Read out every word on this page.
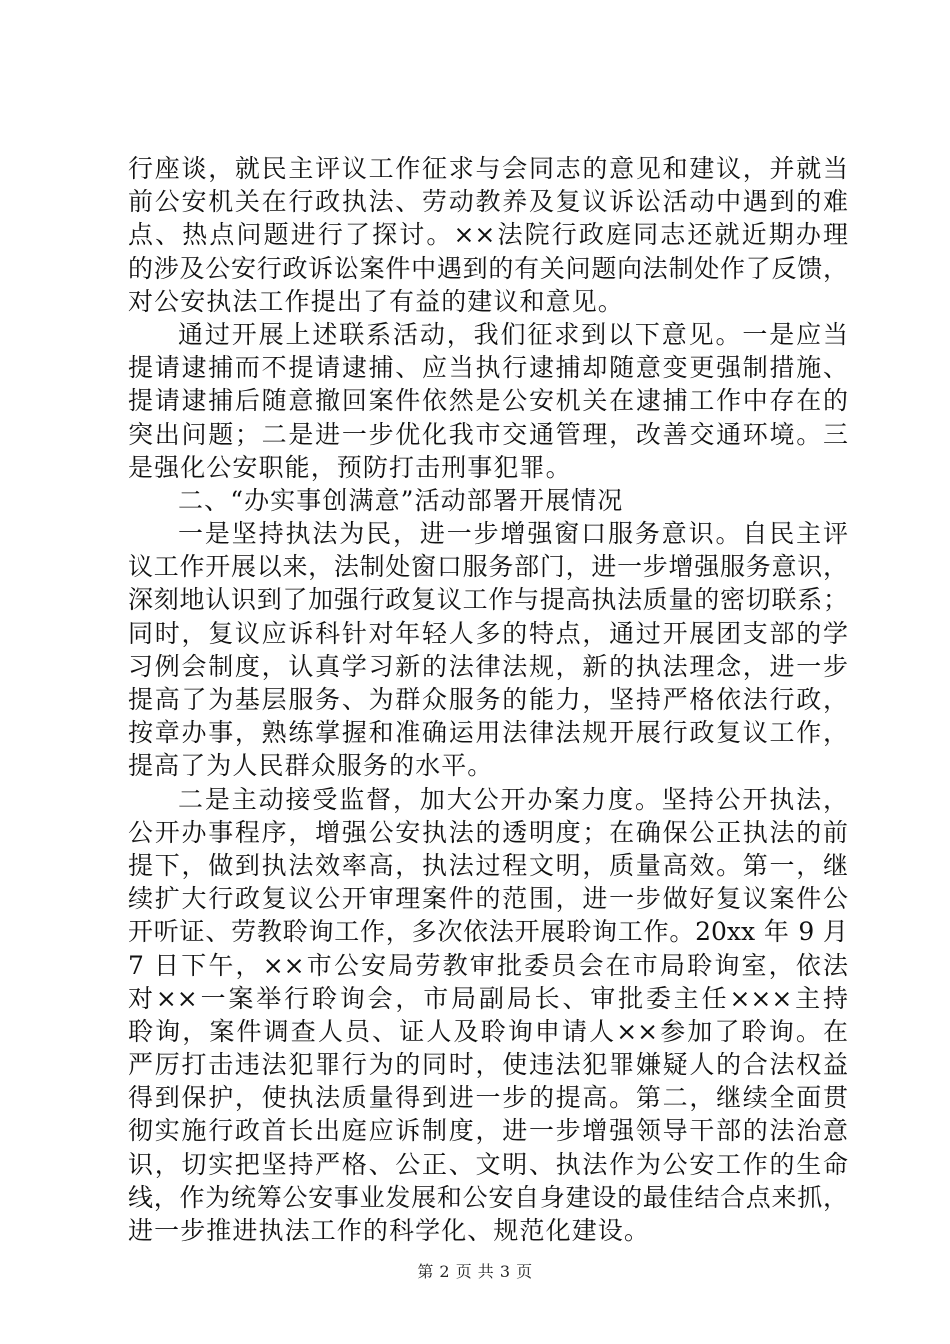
行座谈，就民主评议工作征求与会同志的意见和建议，并就当
前公安机关在行政执法、劳动教养及复议诉讼活动中遇到的难
点、热点问题进行了探讨。××法院行政庭同志还就近期办理
的涉及公安行政诉讼案件中遇到的有关问题向法制处作了反馈，
对公安执法工作提出了有益的建议和意见。
通过开展上述联系活动，我们征求到以下意见。一是应当
提请逮捕而不提请逮捕、应当执行逮捕却随意变更强制措施、
提请逮捕后随意撤回案件依然是公安机关在逮捕工作中存在的
突出问题；二是进一步优化我市交通管理，改善交通环境。三
是强化公安职能，预防打击刑事犯罪。
二、“办实事创满意”活动部署开展情况
一是坚持执法为民，进一步增强窗口服务意识。自民主评
议工作开展以来，法制处窗口服务部门，进一步增强服务意识，
深刻地认识到了加强行政复议工作与提高执法质量的密切联系；
同时，复议应诉科针对年轻人多的特点，通过开展团支部的学
习例会制度，认真学习新的法律法规，新的执法理念，进一步
提高了为基层服务、为群众服务的能力，坚持严格依法行政，
按章办事，熟练掌握和准确运用法律法规开展行政复议工作，
提高了为人民群众服务的水平。
二是主动接受监督，加大公开办案力度。坚持公开执法，
公开办事程序，增强公安执法的透明度；在确保公正执法的前
提下，做到执法效率高，执法过程文明，质量高效。第一，继
续扩大行政复议公开审理案件的范围，进一步做好复议案件公
开听证、劳教聆询工作，多次依法开展聆询工作。20xx 年 9 月
7 日下午，××市公安局劳教审批委员会在市局聆询室，依法
对××一案举行聆询会，市局副局长、审批委主任×××主持
聆询，案件调查人员、证人及聆询申请人××参加了聆询。在
严厉打击违法犯罪行为的同时，使违法犯罪嫌疑人的合法权益
得到保护，使执法质量得到进一步的提高。第二，继续全面贯
彻实施行政首长出庭应诉制度，进一步增强领导干部的法治意
识，切实把坚持严格、公正、文明、执法作为公安工作的生命
线，作为统筹公安事业发展和公安自身建设的最佳结合点来抓，
进一步推进执法工作的科学化、规范化建设。
第 2 页 共 3 页
